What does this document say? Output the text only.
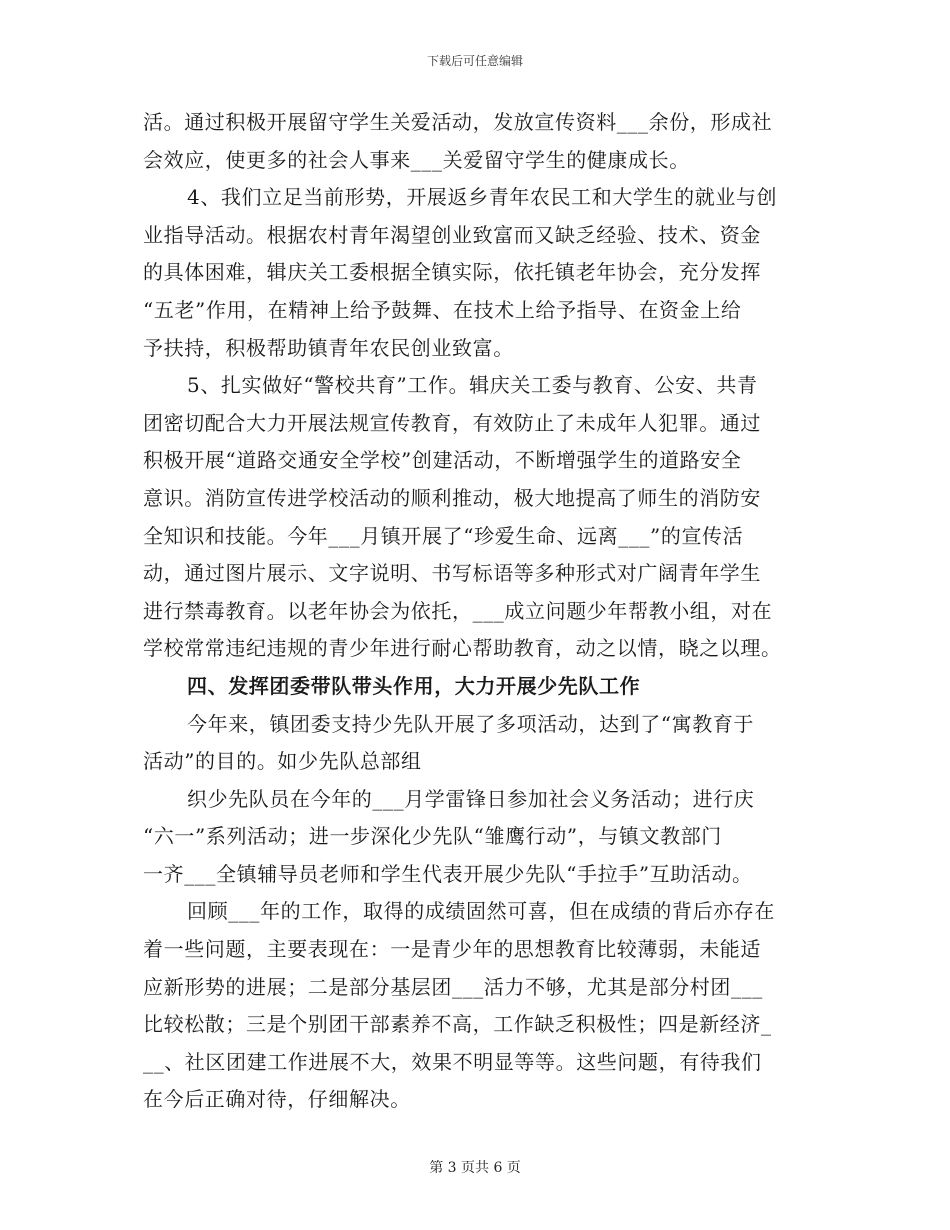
下载后可任意编辑
活。通过积极开展留守学生关爱活动，发放宣传资料___余份，形成社
会效应，使更多的社会人事来___关爱留守学生的健康成长。
4、我们立足当前形势，开展返乡青年农民工和大学生的就业与创
业指导活动。根据农村青年渴望创业致富而又缺乏经验、技术、资金
的具体困难，辑庆关工委根据全镇实际，依托镇老年协会，充分发挥
“五老”作用，在精神上给予鼓舞、在技术上给予指导、在资金上给
予扶持，积极帮助镇青年农民创业致富。
5、扎实做好“警校共育”工作。辑庆关工委与教育、公安、共青
团密切配合大力开展法规宣传教育，有效防止了未成年人犯罪。通过
积极开展“道路交通安全学校”创建活动，不断增强学生的道路安全
意识。消防宣传进学校活动的顺利推动，极大地提高了师生的消防安
全知识和技能。今年___月镇开展了“珍爱生命、远离___”的宣传活
动，通过图片展示、文字说明、书写标语等多种形式对广阔青年学生
进行禁毒教育。以老年协会为依托，___成立问题少年帮教小组，对在
学校常常违纪违规的青少年进行耐心帮助教育，动之以情，晓之以理。
四、发挥团委带队带头作用，大力开展少先队工作
今年来，镇团委支持少先队开展了多项活动，达到了“寓教育于
活动”的目的。如少先队总部组
织少先队员在今年的___月学雷锋日参加社会义务活动；进行庆
“六一”系列活动；进一步深化少先队“雏鹰行动”，与镇文教部门
一齐___全镇辅导员老师和学生代表开展少先队“手拉手”互助活动。
回顾___年的工作，取得的成绩固然可喜，但在成绩的背后亦存在
着一些问题，主要表现在：一是青少年的思想教育比较薄弱，未能适
应新形势的进展；二是部分基层团___活力不够，尤其是部分村团___
比较松散；三是个别团干部素养不高，工作缺乏积极性；四是新经济_
__、社区团建工作进展不大，效果不明显等等。这些问题，有待我们
在今后正确对待，仔细解决。
第 3 页共 6 页
